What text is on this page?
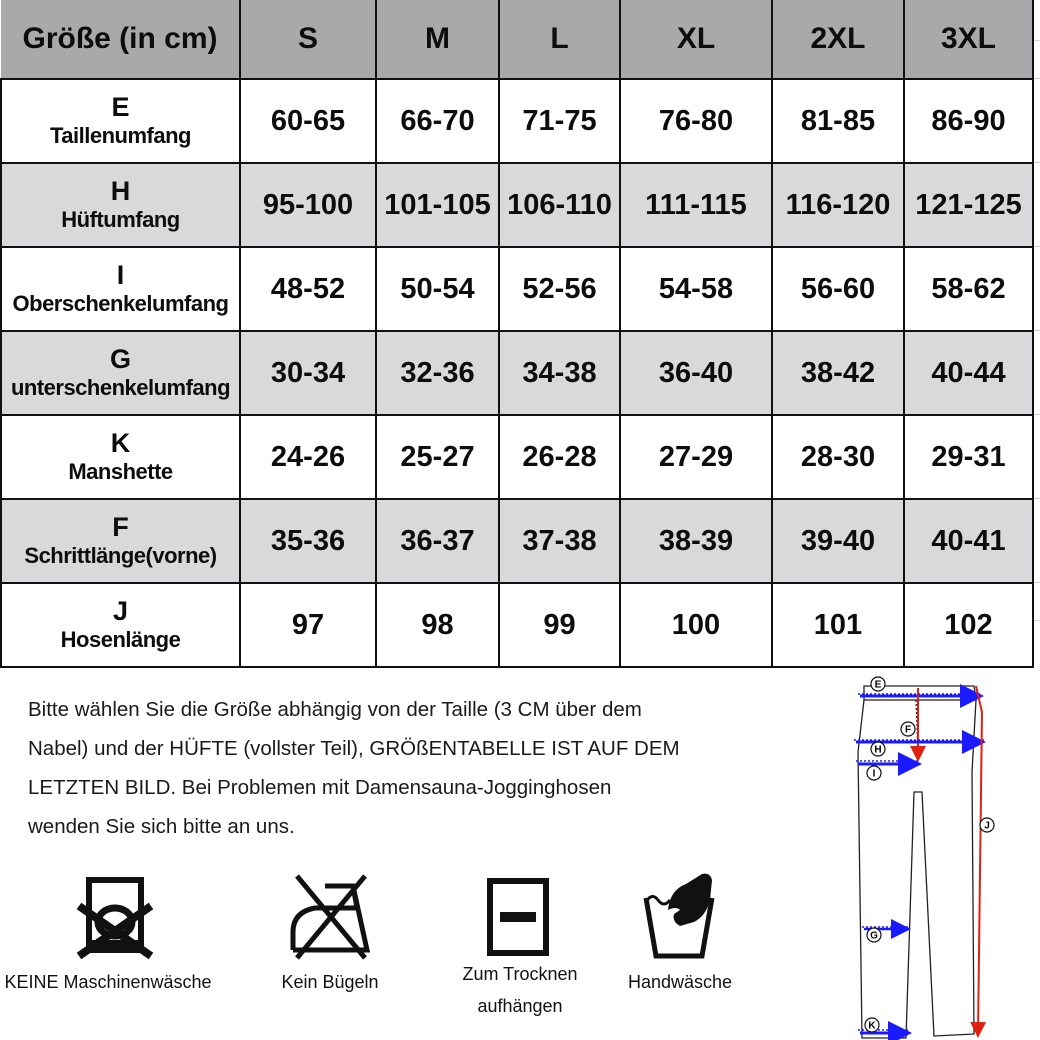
Größe (in cm)	S	M	L	XL	2XL	3XL

E
Taillenumfang	60-65	66-70	71-75	76-80	81-85	86-90

H
Hüftumfang	95-100	101-105	106-110	111-115	116-120	121-125

I
Oberschenkelumfang	48-52	50-54	52-56	54-58	56-60	58-62

G
unterschenkelumfang	30-34	32-36	34-38	36-40	38-42	40-44

K
Manshette	24-26	25-27	26-28	27-29	28-30	29-31

F
Schrittlänge(vorne)	35-36	36-37	37-38	38-39	39-40	40-41

J
Hosenlänge	97	98	99	100	101	102
Bitte wählen Sie die Größe abhängig von der Taille (3 CM über dem
Nabel) und der HÜFTE (vollster Teil), GRÖßENTABELLE IST AUF DEM
LETZTEN BILD. Bei Problemen mit Damensauna-Jogginghosen
wenden Sie sich bitte an uns.
KEINE Maschinenwäsche	Kein Bügeln	Zum Trocknen
aufhängen
Handwäsche
E
F
H
I
J
G
K
